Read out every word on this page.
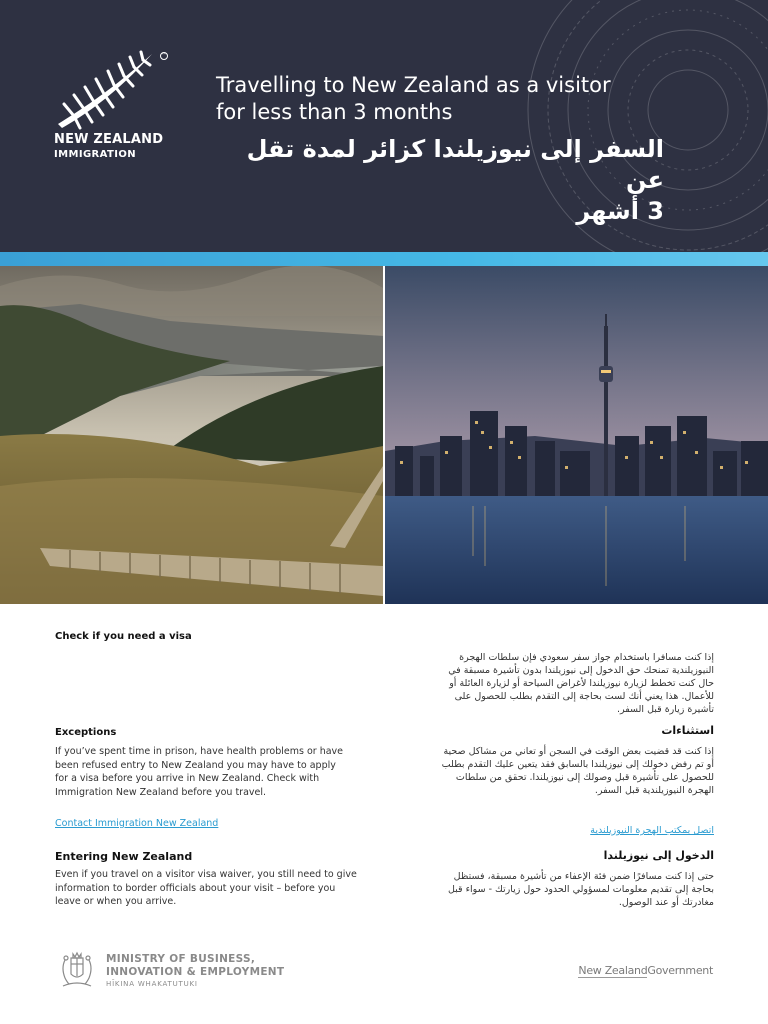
™
NEW ZEALAND
IMMIGRATION
Travelling to New Zealand as a visitor
for less than 3 months
السفر إلى نيوزيلندا كزائر لمدة تقل عن
3 أشهر
Check if you need a visa
Exceptions
If you’ve spent time in prison, have health problems or have
been refused entry to New Zealand you may have to apply
for a visa before you arrive in New Zealand. Check with
Immigration New Zealand before you travel.
Contact Immigration New Zealand
Entering New Zealand
Even if you travel on a visitor visa waiver, you still need to give
information to border officials about your visit – before you
leave or when you arrive.
إذا كنت مسافرا باستخدام جواز سفر سعودي فإن سلطات الهجرة
النيوزيلندية تمنحك حق الدخول إلى نيوزيلندا بدون تأشيرة مسبقة في
حال كنت تخطط لزيارة نيوزيلندا لأغراض السياحة أو لزيارة العائلة أو
للأعمال. هذا يعني أنك لست بحاجة إلى التقدم بطلب للحصول على
تأشيرة زيارة قبل السفر.
استثناءات
إذا كنت قد قضيت بعض الوقت في السجن أو تعاني من مشاكل صحية
أو تم رفض دخولك إلى نيوزيلندا بالسابق فقد يتعين عليك التقدم بطلب
للحصول على تأشيرة قبل وصولك إلى نيوزيلندا. تحقق من سلطات
الهجرة النيوزيلندية قبل السفر.
اتصل بمكتب الهجرة النيوزيلندية
الدخول إلى نيوزيلندا
حتى إذا كنت مسافرًا ضمن فئة الإعفاء من تأشيرة مسبقة، فستظل
بحاجة إلى تقديم معلومات لمسؤولي الحدود حول زيارتك - سواء قبل
مغادرتك أو عند الوصول.
MINISTRY OF BUSINESS,
INNOVATION & EMPLOYMENT
HĪKINA WHAKATUTUKI
New ZealandGovernment
